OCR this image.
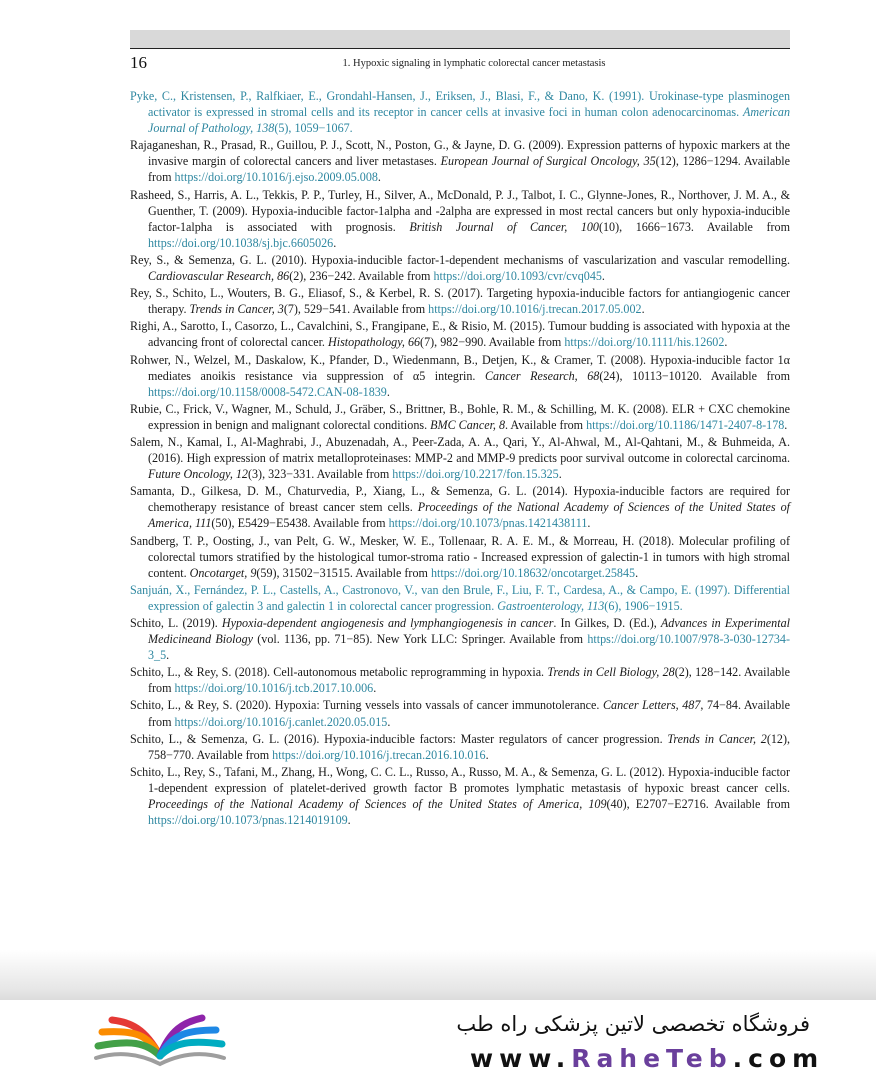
16	1. Hypoxic signaling in lymphatic colorectal cancer metastasis
Pyke, C., Kristensen, P., Ralfkiaer, E., Grondahl-Hansen, J., Eriksen, J., Blasi, F., & Dano, K. (1991). Urokinase-type plasminogen activator is expressed in stromal cells and its receptor in cancer cells at invasive foci in human colon adenocarcinomas. American Journal of Pathology, 138(5), 1059−1067.
Rajaganeshan, R., Prasad, R., Guillou, P. J., Scott, N., Poston, G., & Jayne, D. G. (2009). Expression patterns of hypoxic markers at the invasive margin of colorectal cancers and liver metastases. European Journal of Surgical Oncology, 35(12), 1286−1294. Available from https://doi.org/10.1016/j.ejso.2009.05.008.
Rasheed, S., Harris, A. L., Tekkis, P. P., Turley, H., Silver, A., McDonald, P. J., Talbot, I. C., Glynne-Jones, R., Northover, J. M. A., & Guenther, T. (2009). Hypoxia-inducible factor-1alpha and -2alpha are expressed in most rectal cancers but only hypoxia-inducible factor-1alpha is associated with prognosis. British Journal of Cancer, 100(10), 1666−1673. Available from https://doi.org/10.1038/sj.bjc.6605026.
Rey, S., & Semenza, G. L. (2010). Hypoxia-inducible factor-1-dependent mechanisms of vascularization and vascular remodelling. Cardiovascular Research, 86(2), 236−242. Available from https://doi.org/10.1093/cvr/cvq045.
Rey, S., Schito, L., Wouters, B. G., Eliasof, S., & Kerbel, R. S. (2017). Targeting hypoxia-inducible factors for antiangiogenic cancer therapy. Trends in Cancer, 3(7), 529−541. Available from https://doi.org/10.1016/j.trecan.2017.05.002.
Righi, A., Sarotto, I., Casorzo, L., Cavalchini, S., Frangipane, E., & Risio, M. (2015). Tumour budding is associated with hypoxia at the advancing front of colorectal cancer. Histopathology, 66(7), 982−990. Available from https://doi.org/10.1111/his.12602.
Rohwer, N., Welzel, M., Daskalow, K., Pfander, D., Wiedenmann, B., Detjen, K., & Cramer, T. (2008). Hypoxia-inducible factor 1α mediates anoikis resistance via suppression of α5 integrin. Cancer Research, 68(24), 10113−10120. Available from https://doi.org/10.1158/0008-5472.CAN-08-1839.
Rubie, C., Frick, V., Wagner, M., Schuld, J., Gräber, S., Brittner, B., Bohle, R. M., & Schilling, M. K. (2008). ELR + CXC chemokine expression in benign and malignant colorectal conditions. BMC Cancer, 8. Available from https://doi.org/10.1186/1471-2407-8-178.
Salem, N., Kamal, I., Al-Maghrabi, J., Abuzenadah, A., Peer-Zada, A. A., Qari, Y., Al-Ahwal, M., Al-Qahtani, M., & Buhmeida, A. (2016). High expression of matrix metalloproteinases: MMP-2 and MMP-9 predicts poor survival outcome in colorectal carcinoma. Future Oncology, 12(3), 323−331. Available from https://doi.org/10.2217/fon.15.325.
Samanta, D., Gilkesa, D. M., Chaturvedia, P., Xiang, L., & Semenza, G. L. (2014). Hypoxia-inducible factors are required for chemotherapy resistance of breast cancer stem cells. Proceedings of the National Academy of Sciences of the United States of America, 111(50), E5429−E5438. Available from https://doi.org/10.1073/pnas.1421438111.
Sandberg, T. P., Oosting, J., van Pelt, G. W., Mesker, W. E., Tollenaar, R. A. E. M., & Morreau, H. (2018). Molecular profiling of colorectal tumors stratified by the histological tumor-stroma ratio - Increased expression of galectin-1 in tumors with high stromal content. Oncotarget, 9(59), 31502−31515. Available from https://doi.org/10.18632/oncotarget.25845.
Sanjuán, X., Fernández, P. L., Castells, A., Castronovo, V., van den Brule, F., Liu, F. T., Cardesa, A., & Campo, E. (1997). Differential expression of galectin 3 and galectin 1 in colorectal cancer progression. Gastroenterology, 113(6), 1906−1915.
Schito, L. (2019). Hypoxia-dependent angiogenesis and lymphangiogenesis in cancer. In Gilkes, D. (Ed.), Advances in Experimental Medicineand Biology (vol. 1136, pp. 71−85). New York LLC: Springer. Available from https://doi.org/10.1007/978-3-030-12734-3_5.
Schito, L., & Rey, S. (2018). Cell-autonomous metabolic reprogramming in hypoxia. Trends in Cell Biology, 28(2), 128−142. Available from https://doi.org/10.1016/j.tcb.2017.10.006.
Schito, L., & Rey, S. (2020). Hypoxia: Turning vessels into vassals of cancer immunotolerance. Cancer Letters, 487, 74−84. Available from https://doi.org/10.1016/j.canlet.2020.05.015.
Schito, L., & Semenza, G. L. (2016). Hypoxia-inducible factors: Master regulators of cancer progression. Trends in Cancer, 2(12), 758−770. Available from https://doi.org/10.1016/j.trecan.2016.10.016.
Schito, L., Rey, S., Tafani, M., Zhang, H., Wong, C. C. L., Russo, A., Russo, M. A., & Semenza, G. L. (2012). Hypoxia-inducible factor 1-dependent expression of platelet-derived growth factor B promotes lymphatic metastasis of hypoxic breast cancer cells. Proceedings of the National Academy of Sciences of the United States of America, 109(40), E2707−E2716. Available from https://doi.org/10.1073/pnas.1214019109.
فروشگاه تخصصی لاتین پزشکی راه طب
www.RaheTeb.com
